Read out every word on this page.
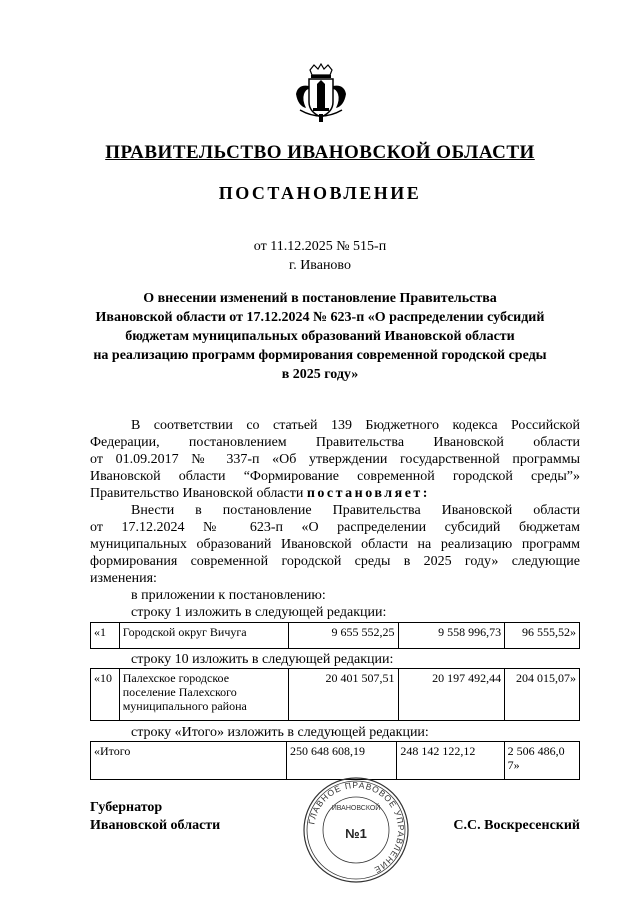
ПРАВИТЕЛЬСТВО ИВАНОВСКОЙ ОБЛАСТИ
ПОСТАНОВЛЕНИЕ
от 11.12.2025 № 515-п
г. Иваново
О внесении изменений в постановление Правительства
Ивановской области от 17.12.2024 № 623-п «О распределении субсидий
бюджетам муниципальных образований Ивановской области
на реализацию программ формирования современной городской среды
в 2025 году»
В соответствии со статьей 139 Бюджетного кодекса Российской
Федерации, постановлением Правительства Ивановской области
от 01.09.2017 № 337-п «Об утверждении государственной программы
Ивановской области “Формирование современной городской среды”»
Правительство Ивановской области постановляет:
Внести в постановление Правительства Ивановской области
от 17.12.2024 № 623-п «О распределении субсидий бюджетам
муниципальных образований Ивановской области на реализацию программ
формирования современной городской среды в 2025 году» следующие
изменения:
в приложении к постановлению:
строку 1 изложить в следующей редакции:
«1	Городской округ Вичуга	9 655 552,25	9 558 996,73	96 555,52»
строку 10 изложить в следующей редакции:
«10	Палехское городское поселение Палехского муниципального района	20 401 507,51	20 197 492,44	204 015,07»
строку «Итого» изложить в следующей редакции:
«Итого	250 648 608,19	248 142 122,12	2 506 486,07»
Губернатор
Ивановской области	С.С. Воскресенский
ГЛАВНОЕ ПРАВОВОЕ УПРАВЛЕНИЕ
ИВАНОВСКОЙ
№1
